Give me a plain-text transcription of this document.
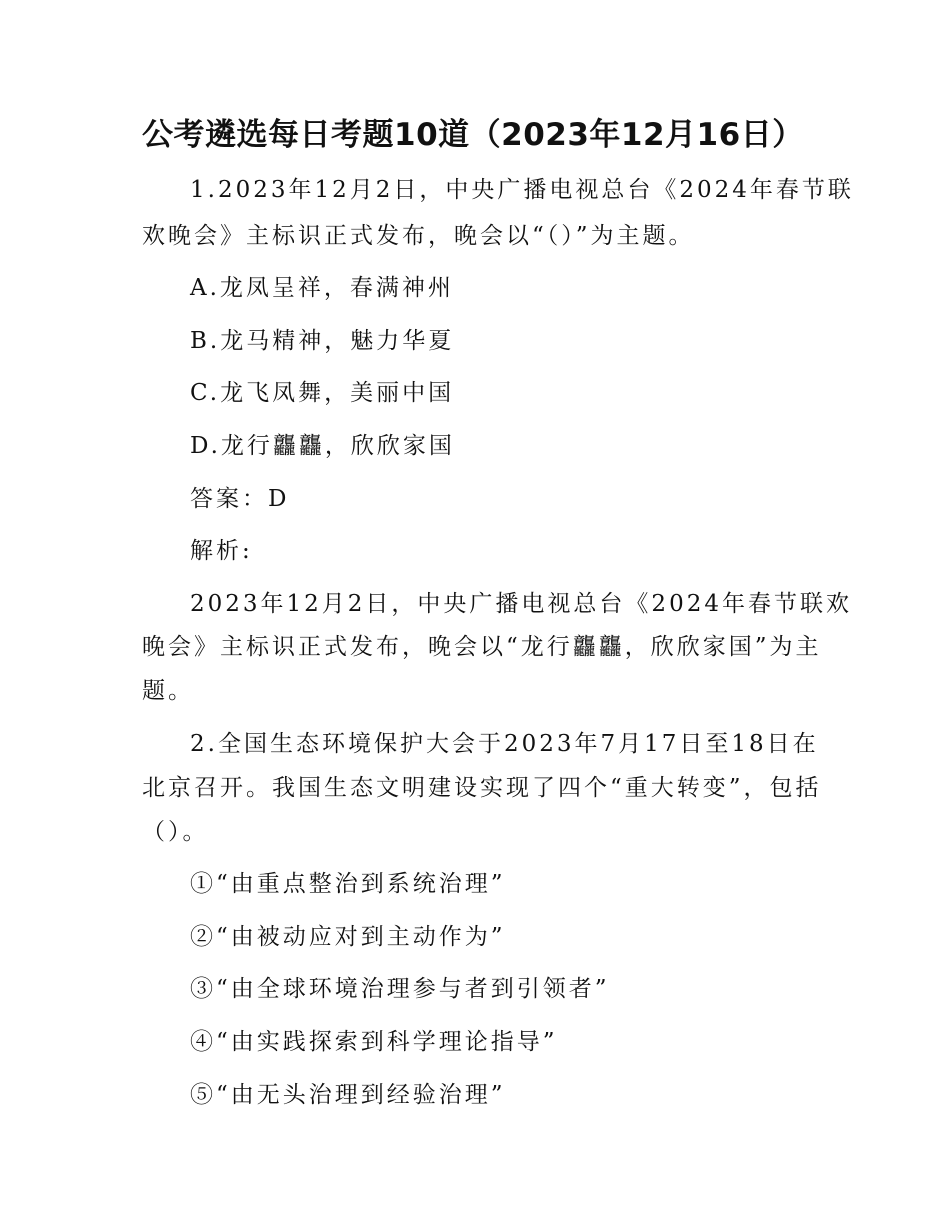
公考遴选每日考题10道（2023年12月16日）
1.2023年12月2日，中央广播电视总台《2024年春节联
欢晚会》主标识正式发布，晚会以“（）”为主题。
A.龙凤呈祥，春满神州
B.龙马精神，魅力华夏
C.龙飞凤舞，美丽中国
D.龙行龘龘，欣欣家国
答案：D
解析:
2023年12月2日，中央广播电视总台《2024年春节联欢
晚会》主标识正式发布，晚会以“龙行龘龘，欣欣家国”为主
题。
2.全国生态环境保护大会于2023年7月17日至18日在
北京召开。我国生态文明建设实现了四个“重大转变”，包括
（）。
①“由重点整治到系统治理”
②“由被动应对到主动作为”
③“由全球环境治理参与者到引领者”
④“由实践探索到科学理论指导”
⑤“由无头治理到经验治理”
